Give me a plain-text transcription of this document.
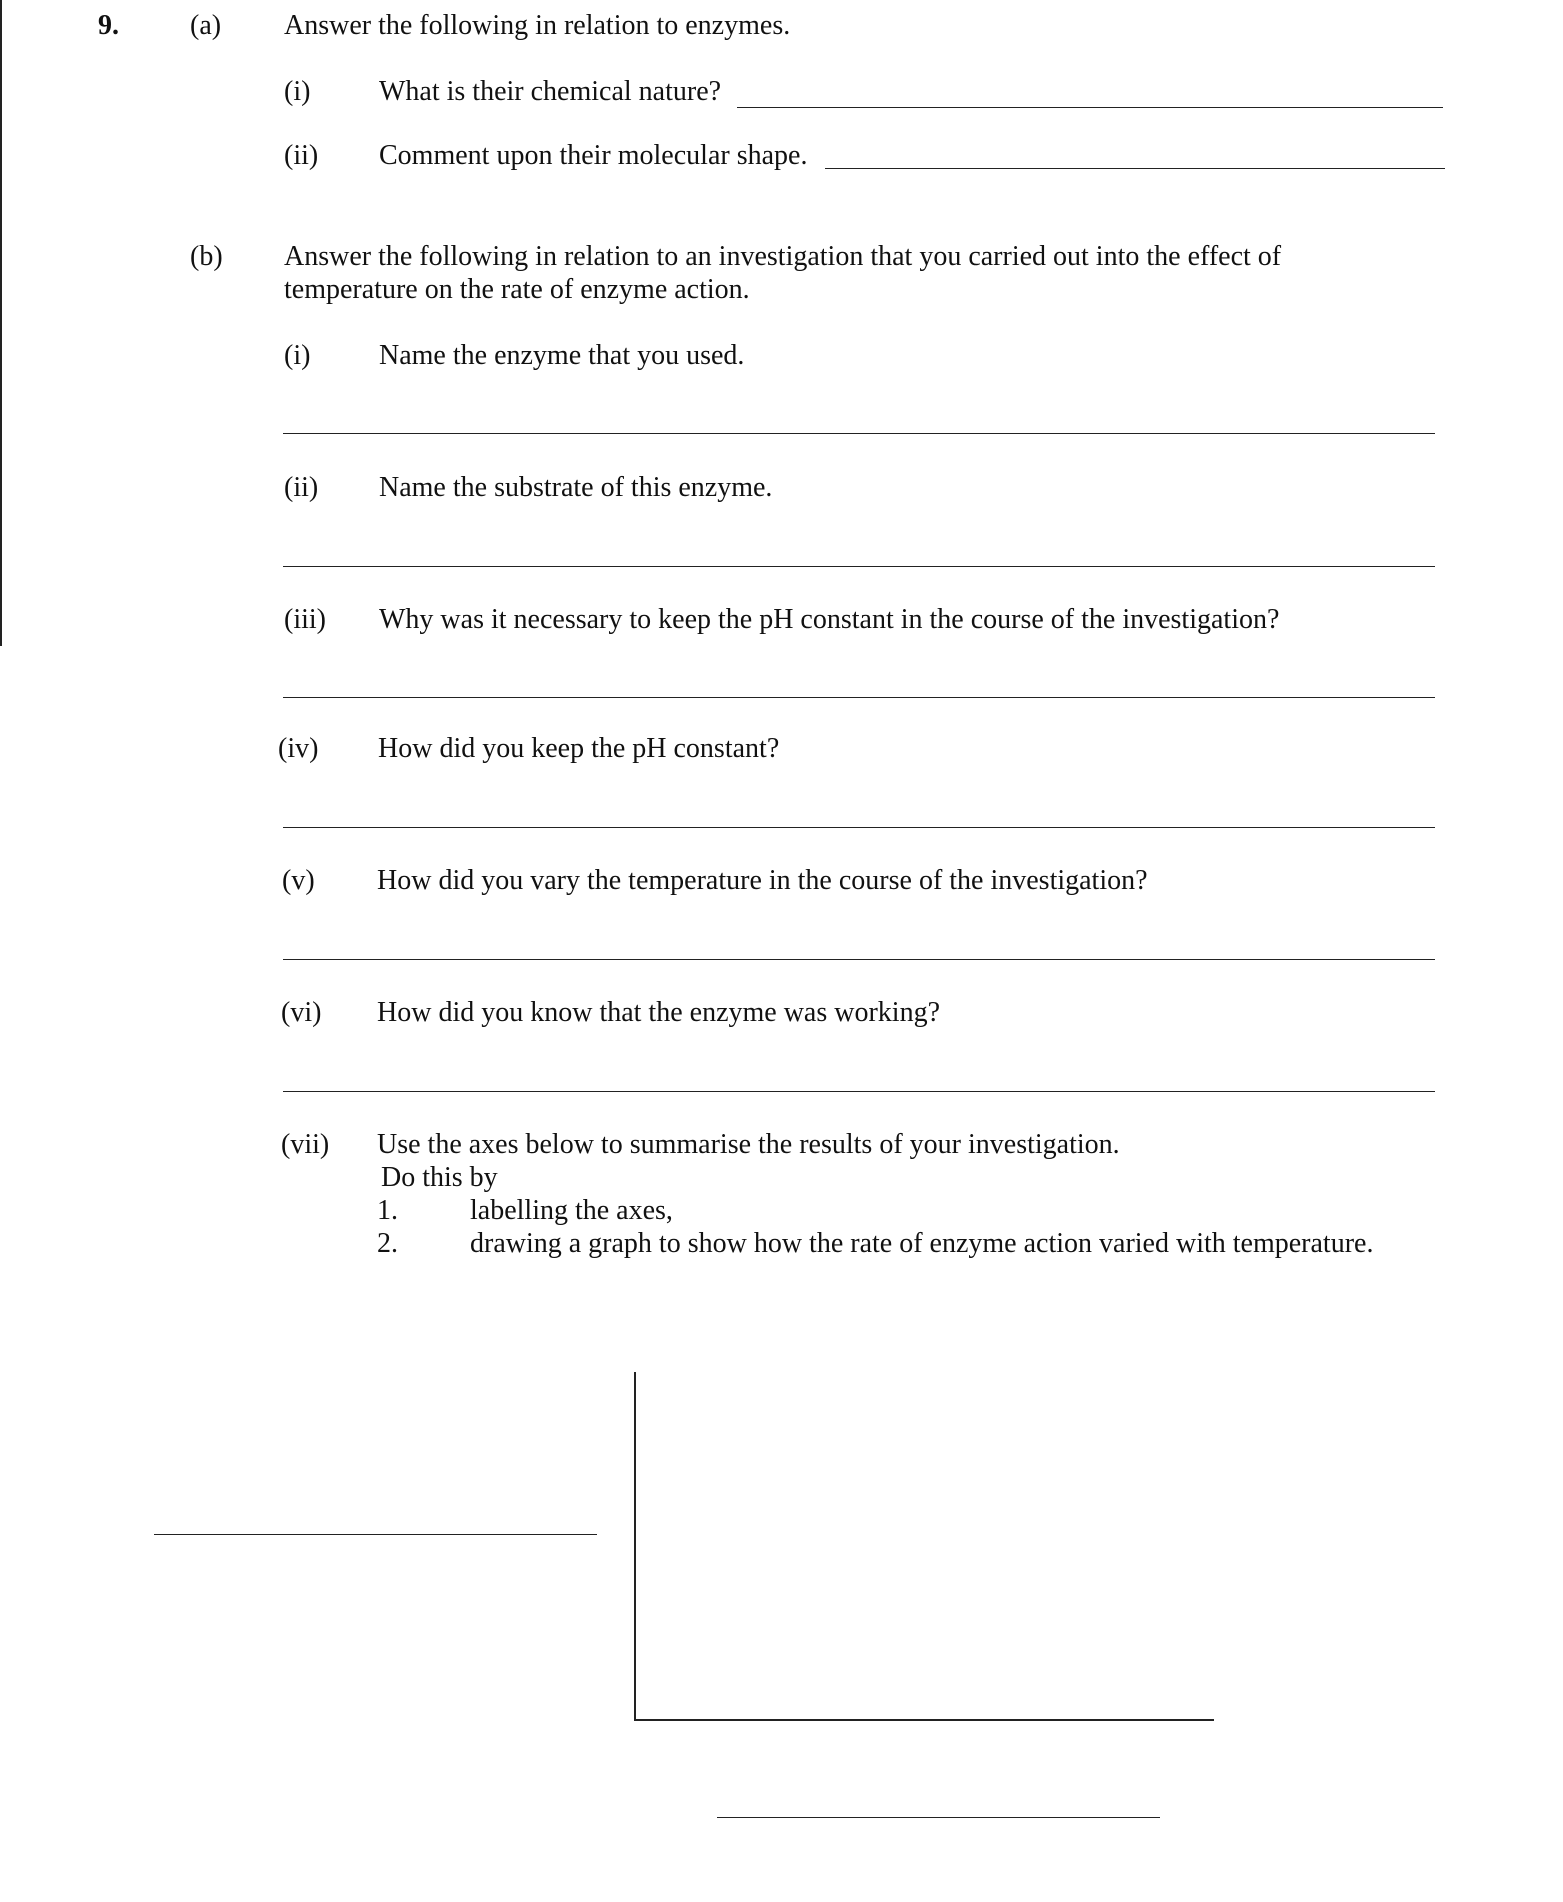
9.	(a) Answer the following in relation to enzymes.
(i) What is their chemical nature?
(ii) Comment upon their molecular shape.
(b) Answer the following in relation to an investigation that you carried out into the effect of
temperature on the rate of enzyme action.
(i) Name the enzyme that you used.
(ii) Name the substrate of this enzyme.
(iii) Why was it necessary to keep the pH constant in the course of the investigation?
(iv) How did you keep the pH constant?
(v) How did you vary the temperature in the course of the investigation?
(vi) How did you know that the enzyme was working?
(vii) Use the axes below to summarise the results of your investigation.
Do this by
1.	labelling the axes,
2.	drawing a graph to show how the rate of enzyme action varied with temperature.
